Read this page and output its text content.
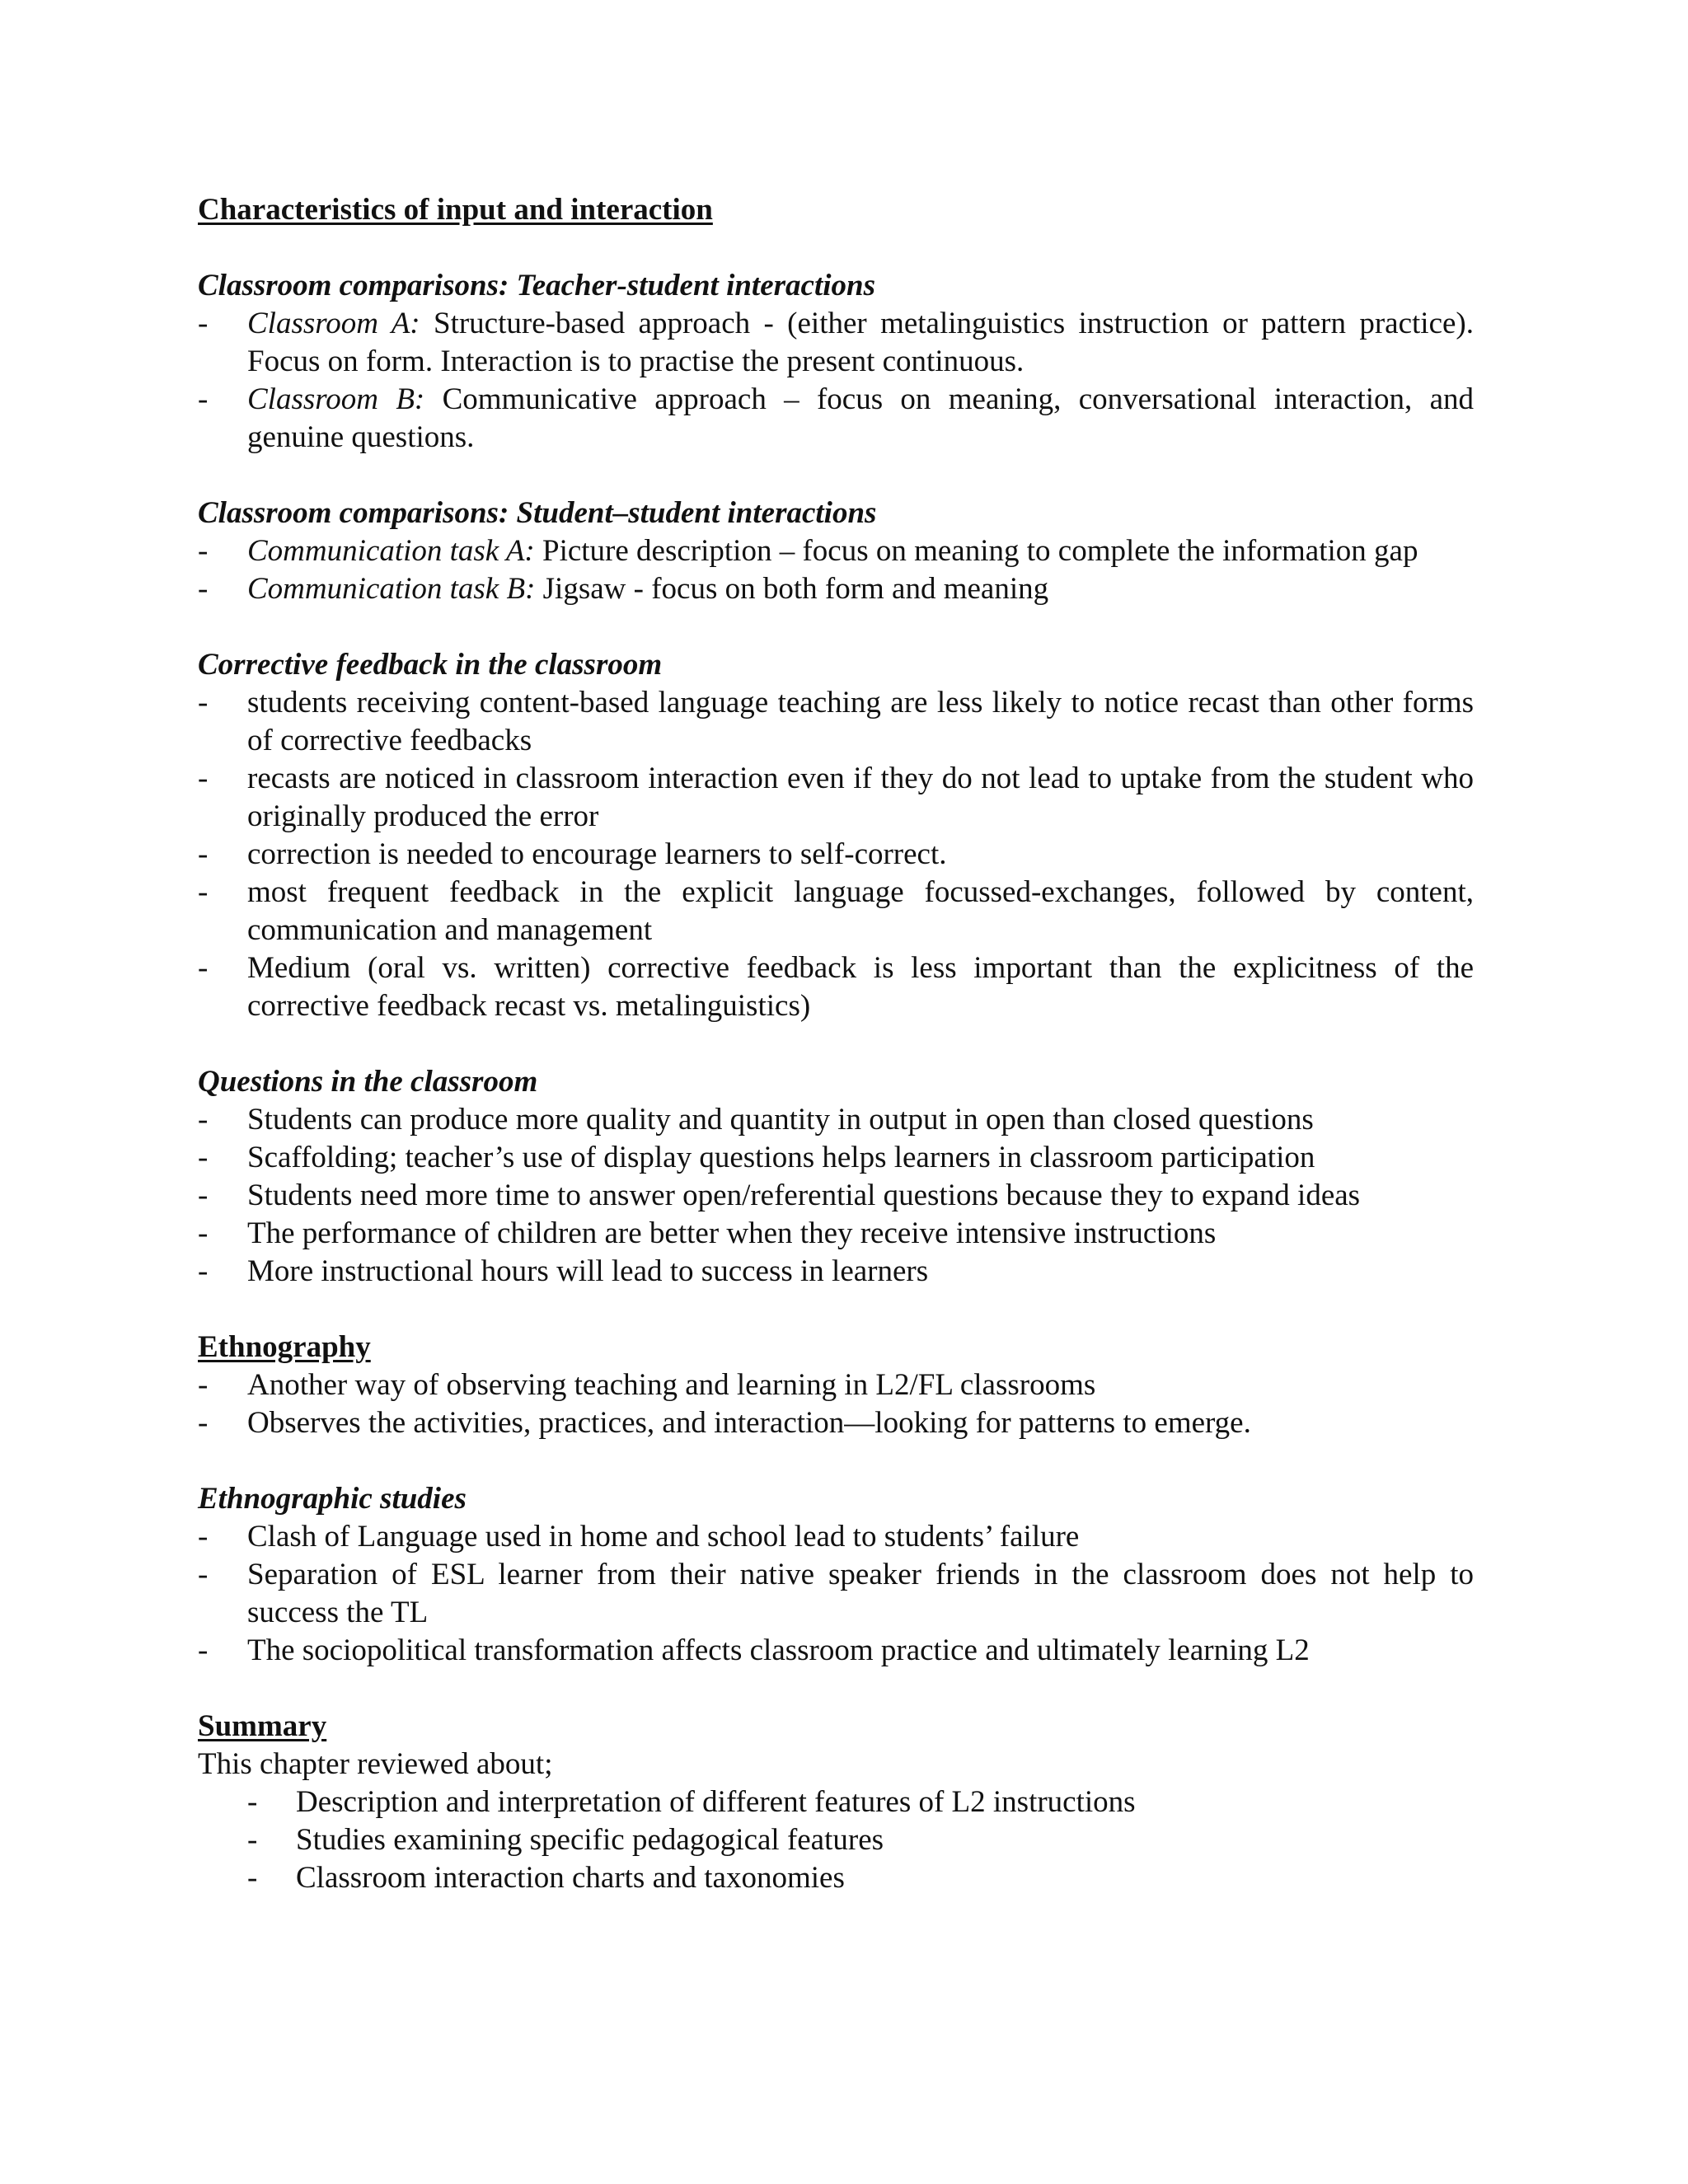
Characteristics of input and interaction

Classroom comparisons: Teacher-student interactions

- Classroom A: Structure-based approach - (either metalinguistics instruction or pattern practice). Focus on form. Interaction is to practise the present continuous.
- Classroom B: Communicative approach – focus on meaning, conversational interaction, and genuine questions.

Classroom comparisons: Student–student interactions

- Communication task A: Picture description – focus on meaning to complete the information gap
- Communication task B: Jigsaw - focus on both form and meaning

Corrective feedback in the classroom

- students receiving content-based language teaching are less likely to notice recast than other forms of corrective feedbacks
- recasts are noticed in classroom interaction even if they do not lead to uptake from the student who originally produced the error
- correction is needed to encourage learners to self-correct.
- most frequent feedback in the explicit language focussed-exchanges, followed by content, communication and management
- Medium (oral vs. written) corrective feedback is less important than the explicitness of the corrective feedback recast vs. metalinguistics)

Questions in the classroom

- Students can produce more quality and quantity in output in open than closed questions
- Scaffolding; teacher’s use of display questions helps learners in classroom participation
- Students need more time to answer open/referential questions because they to expand ideas
- The performance of children are better when they receive intensive instructions
- More instructional hours will lead to success in learners

Ethnography

- Another way of observing teaching and learning in L2/FL classrooms
- Observes the activities, practices, and interaction—looking for patterns to emerge.

Ethnographic studies

- Clash of Language used in home and school lead to students’ failure
- Separation of ESL learner from their native speaker friends in the classroom does not help to success the TL
- The sociopolitical transformation affects classroom practice and ultimately learning L2

Summary

This chapter reviewed about;

- Description and interpretation of different features of L2 instructions
- Studies examining specific pedagogical features
- Classroom interaction charts and taxonomies
